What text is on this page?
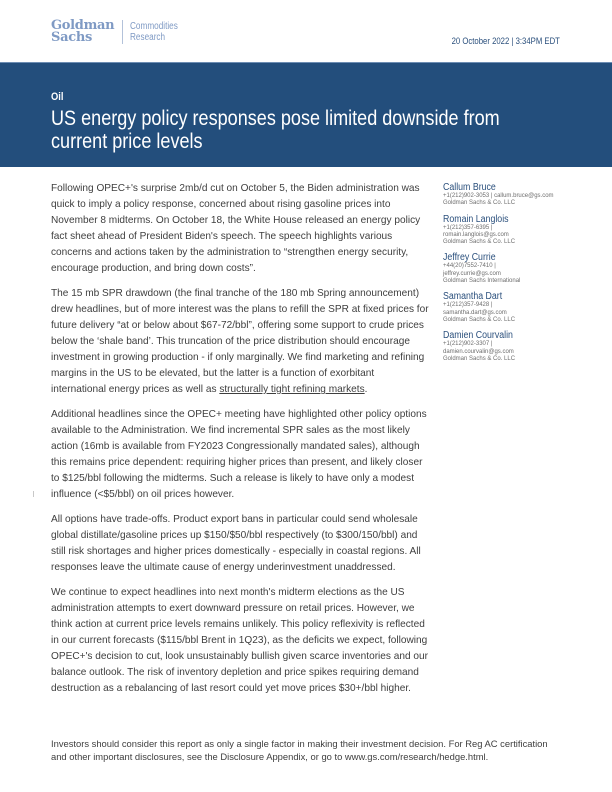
Goldman
Sachs
Commodities
Research	20 October 2022 | 3:34PM EDT
Oil
US energy policy responses pose limited downside from current price levels

Following OPEC+'s surprise 2mb/d cut on October 5, the Biden administration was quick to imply a policy response, concerned about rising gasoline prices into November 8 midterms. On October 18, the White House released an energy policy fact sheet ahead of President Biden's speech. The speech highlights various concerns and actions taken by the administration to “strengthen energy security, encourage production, and bring down costs”.

The 15 mb SPR drawdown (the final tranche of the 180 mb Spring announcement) drew headlines, but of more interest was the plans to refill the SPR at fixed prices for future delivery “at or below about $67-72/bbl”, offering some support to crude prices below the ‘shale band’. This truncation of the price distribution should encourage investment in growing production - if only marginally. We find marketing and refining margins in the US to be elevated, but the latter is a function of exorbitant international energy prices as well as structurally tight refining markets.

Additional headlines since the OPEC+ meeting have highlighted other policy options available to the Administration. We find incremental SPR sales as the most likely action (16mb is available from FY2023 Congressionally mandated sales), although this remains price dependent: requiring higher prices than present, and likely closer to $125/bbl following the midterms. Such a release is likely to have only a modest influence (<$5/bbl) on oil prices however.

All options have trade-offs. Product export bans in particular could send wholesale global distillate/gasoline prices up $150/$50/bbl respectively (to $300/150/bbl) and still risk shortages and higher prices domestically - especially in coastal regions. All responses leave the ultimate cause of energy underinvestment unaddressed.

We continue to expect headlines into next month's midterm elections as the US administration attempts to exert downward pressure on retail prices. However, we think action at current price levels remains unlikely. This policy reflexivity is reflected in our current forecasts ($115/bbl Brent in 1Q23), as the deficits we expect, following OPEC+'s decision to cut, look unsustainably bullish given scarce inventories and our balance outlook. The risk of inventory depletion and price spikes requiring demand destruction as a rebalancing of last resort could yet move prices $30+/bbl higher.

Callum Bruce
+1(212)902-3053 | callum.bruce@gs.com
Goldman Sachs & Co. LLC
Romain Langlois
+1(212)357-6395 |
romain.langlois@gs.com
Goldman Sachs & Co. LLC
Jeffrey Currie
+44(20)7552-7410 |
jeffrey.currie@gs.com
Goldman Sachs International
Samantha Dart
+1(212)357-9428 |
samantha.dart@gs.com
Goldman Sachs & Co. LLC
Damien Courvalin
+1(212)902-3307 |
damien.courvalin@gs.com
Goldman Sachs & Co. LLC
Investors should consider this report as only a single factor in making their investment decision. For Reg AC certification and other important disclosures, see the Disclosure Appendix, or go to www.gs.com/research/hedge.html.
